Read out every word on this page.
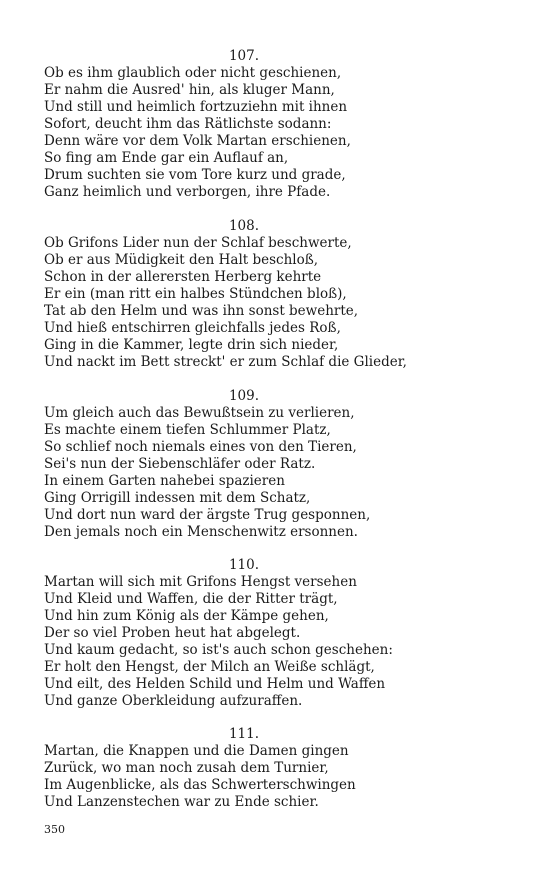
107.
Ob es ihm glaublich oder nicht geschienen,
Er nahm die Ausred' hin, als kluger Mann,
Und still und heimlich fortzuziehn mit ihnen
Sofort, deucht ihm das Rätlichste sodann:
Denn wäre vor dem Volk Martan erschienen,
So fing am Ende gar ein Auflauf an,
Drum suchten sie vom Tore kurz und grade,
Ganz heimlich und verborgen, ihre Pfade.
108.
Ob Grifons Lider nun der Schlaf beschwerte,
Ob er aus Müdigkeit den Halt beschloß,
Schon in der allerersten Herberg kehrte
Er ein (man ritt ein halbes Stündchen bloß),
Tat ab den Helm und was ihn sonst bewehrte,
Und hieß entschirren gleichfalls jedes Roß,
Ging in die Kammer, legte drin sich nieder,
Und nackt im Bett streckt' er zum Schlaf die Glieder,
109.
Um gleich auch das Bewußtsein zu verlieren,
Es machte einem tiefen Schlummer Platz,
So schlief noch niemals eines von den Tieren,
Sei's nun der Siebenschläfer oder Ratz.
In einem Garten nahebei spazieren
Ging Orrigill indessen mit dem Schatz,
Und dort nun ward der ärgste Trug gesponnen,
Den jemals noch ein Menschenwitz ersonnen.
110.
Martan will sich mit Grifons Hengst versehen
Und Kleid und Waffen, die der Ritter trägt,
Und hin zum König als der Kämpe gehen,
Der so viel Proben heut hat abgelegt.
Und kaum gedacht, so ist's auch schon geschehen:
Er holt den Hengst, der Milch an Weiße schlägt,
Und eilt, des Helden Schild und Helm und Waffen
Und ganze Oberkleidung aufzuraffen.
111.
Martan, die Knappen und die Damen gingen
Zurück, wo man noch zusah dem Turnier,
Im Augenblicke, als das Schwerterschwingen
Und Lanzenstechen war zu Ende schier.
350
